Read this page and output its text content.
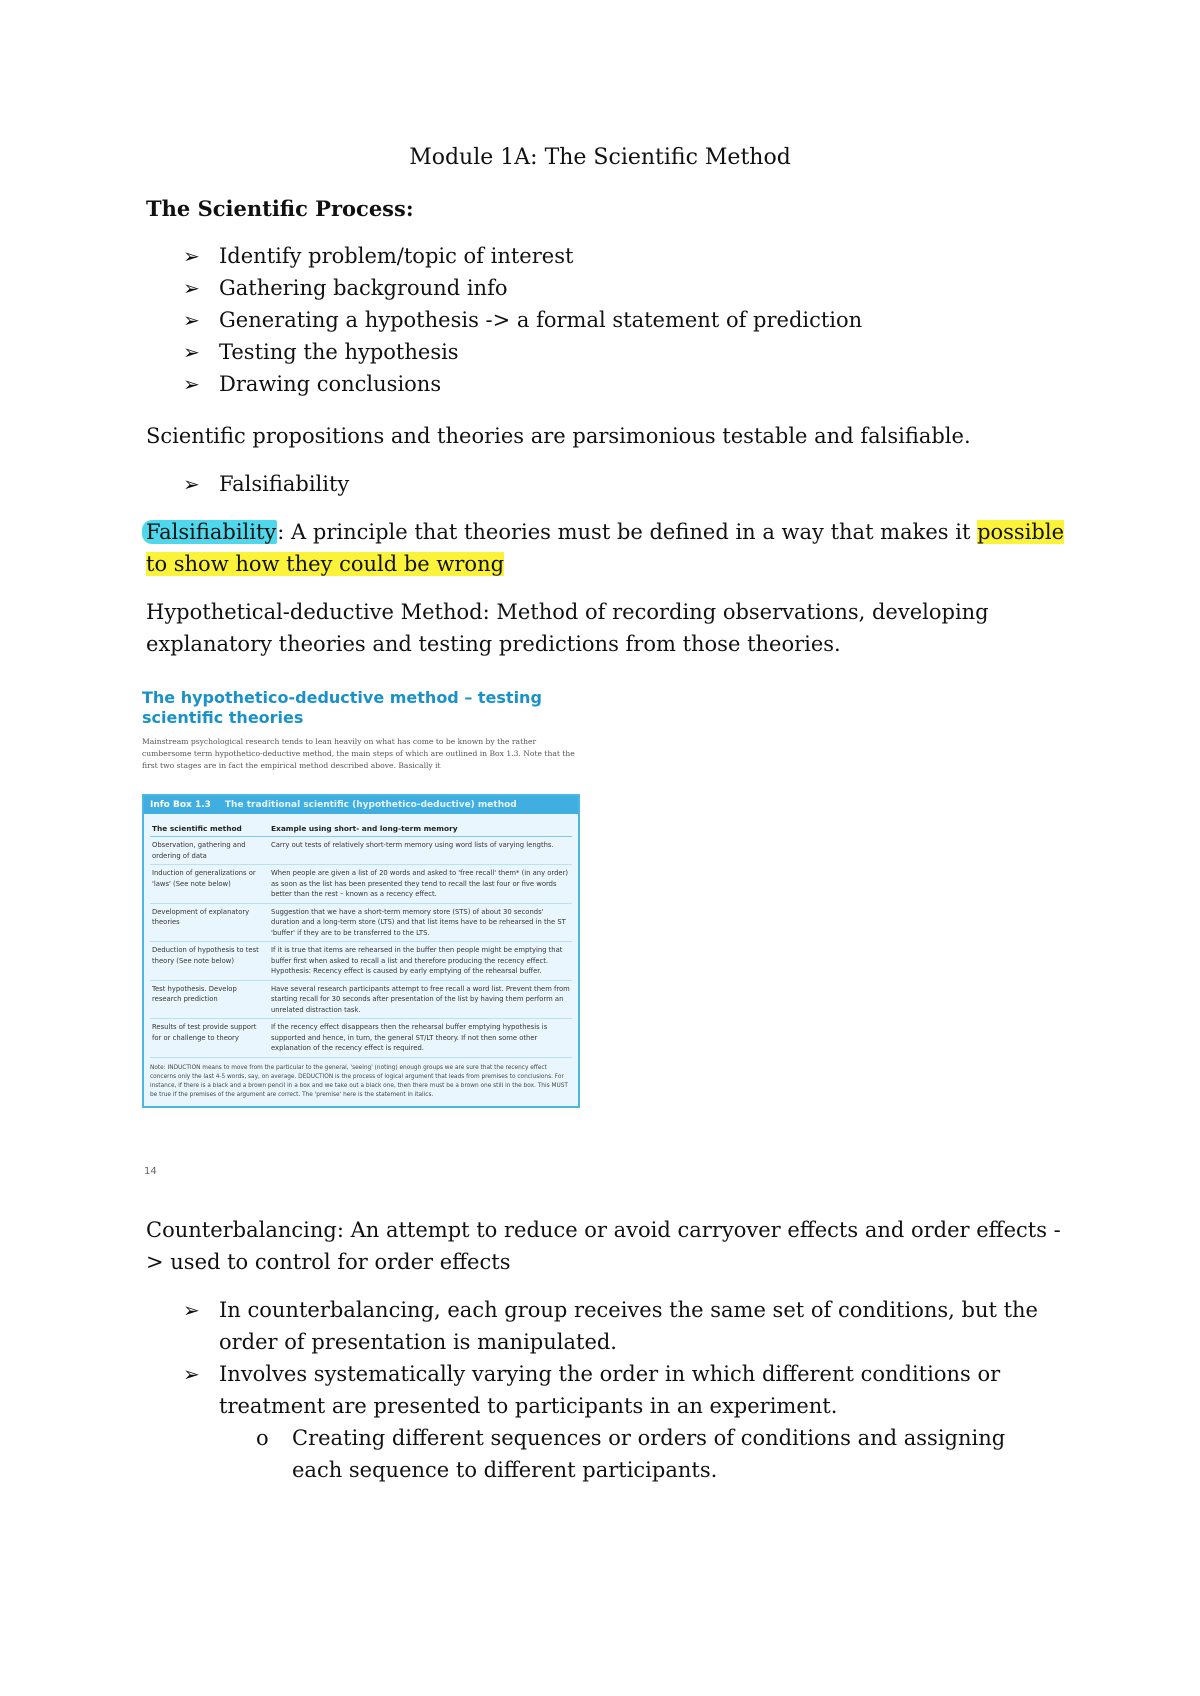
Module 1A: The Scientific Method
The Scientific Process:
➢ Identify problem/topic of interest
➢ Gathering background info
➢ Generating a hypothesis -> a formal statement of prediction
➢ Testing the hypothesis
➢ Drawing conclusions

Scientific propositions and theories are parsimonious testable and falsifiable.

➢ Falsifiability

Falsifiability: A principle that theories must be defined in a way that makes it possible to show how they could be wrong

Hypothetical-deductive Method: Method of recording observations, developing explanatory theories and testing predictions from those theories.

The hypothetico-deductive method – testing scientific theories

Mainstream psychological research tends to lean heavily on what has come to be known by the rather cumbersome term hypothetico-deductive method, the main steps of which are outlined in Box 1.3. Note that the first two stages are in fact the empirical method described above. Basically it

Info Box 1.3 The traditional scientific (hypothetico-deductive) method
The scientific method	Example using short- and long-term memory
Observation, gathering and ordering of data	Carry out tests of relatively short-term memory using word lists of varying lengths.
Induction of generalizations or 'laws' (See note below)	When people are given a list of 20 words and asked to 'free recall' them* (in any order) as soon as the list has been presented they tend to recall the last four or five words better than the rest – known as a recency effect.
Development of explanatory theories	Suggestion that we have a short-term memory store (STS) of about 30 seconds' duration and a long-term store (LTS) and that list items have to be rehearsed in the ST 'buffer' if they are to be transferred to the LTS.
Deduction of hypothesis to test theory (See note below)	If it is true that items are rehearsed in the buffer then people might be emptying that buffer first when asked to recall a list and therefore producing the recency effect. Hypothesis: Recency effect is caused by early emptying of the rehearsal buffer.
Test hypothesis. Develop research prediction	Have several research participants attempt to free recall a word list. Prevent them from starting recall for 30 seconds after presentation of the list by having them perform an unrelated distraction task.
Results of test provide support for or challenge to theory	If the recency effect disappears then the rehearsal buffer emptying hypothesis is supported and hence, in turn, the general ST/LT theory. If not then some other explanation of the recency effect is required.

Note: INDUCTION means to move from the particular to the general, 'seeing' (noting) enough groups we are sure that the recency effect concerns only the last 4-5 words, say, on average. DEDUCTION is the process of logical argument that leads from premises to conclusions. For instance, if there is a black and a brown pencil in a box and we take out a black one, then there must be a brown one still in the box. This MUST be true if the premises of the argument are correct. The 'premise' here is the statement in italics.

14

Counterbalancing: An attempt to reduce or avoid carryover effects and order effects -> used to control for order effects

➢ In counterbalancing, each group receives the same set of conditions, but the order of presentation is manipulated.
➢ Involves systematically varying the order in which different conditions or treatment are presented to participants in an experiment.
o Creating different sequences or orders of conditions and assigning each sequence to different participants.
